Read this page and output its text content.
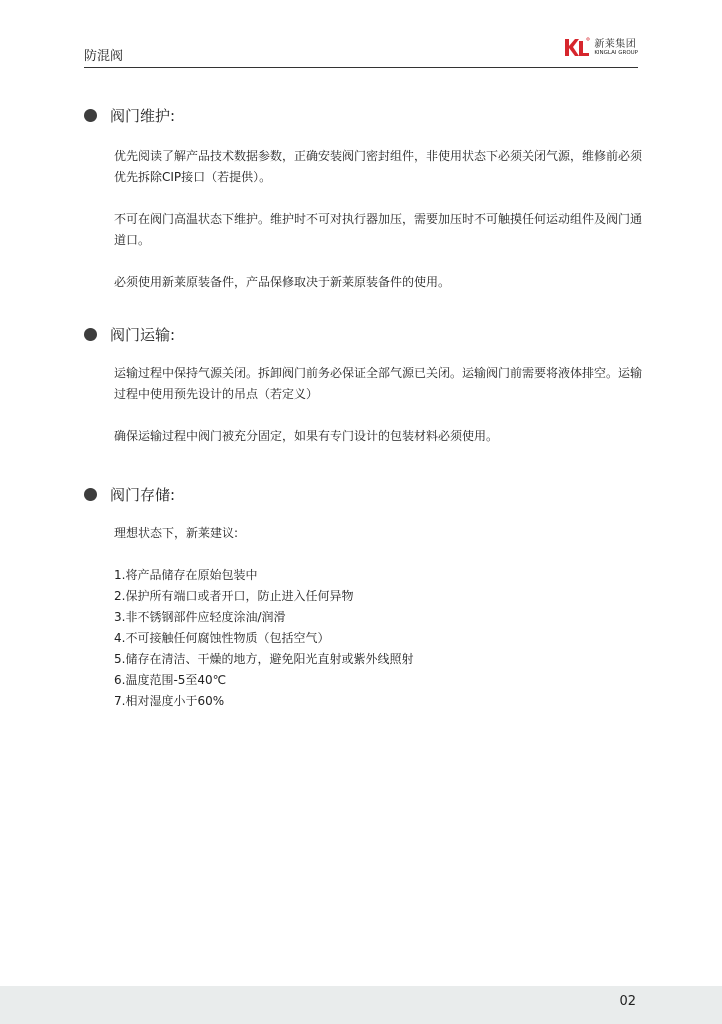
防混阀
新莱集团
KINGLAI GROUP
阀门维护:
优先阅读了解产品技术数据参数，正确安装阀门密封组件，非使用状态下必须关闭气源，维修前必须优先拆除CIP接口（若提供）。
不可在阀门高温状态下维护。维护时不可对执行器加压，需要加压时不可触摸任何运动组件及阀门通道口。
必须使用新莱原装备件，产品保修取决于新莱原装备件的使用。
阀门运输:
运输过程中保持气源关闭。拆卸阀门前务必保证全部气源已关闭。运输阀门前需要将液体排空。运输过程中使用预先设计的吊点（若定义）
确保运输过程中阀门被充分固定，如果有专门设计的包装材料必须使用。
阀门存储:
理想状态下，新莱建议:
1.将产品储存在原始包装中
2.保护所有端口或者开口，防止进入任何异物
3.非不锈钢部件应轻度涂油/润滑
4.不可接触任何腐蚀性物质（包括空气）
5.储存在清洁、干燥的地方，避免阳光直射或紫外线照射
6.温度范围-5至40℃
7.相对湿度小于60%
02
